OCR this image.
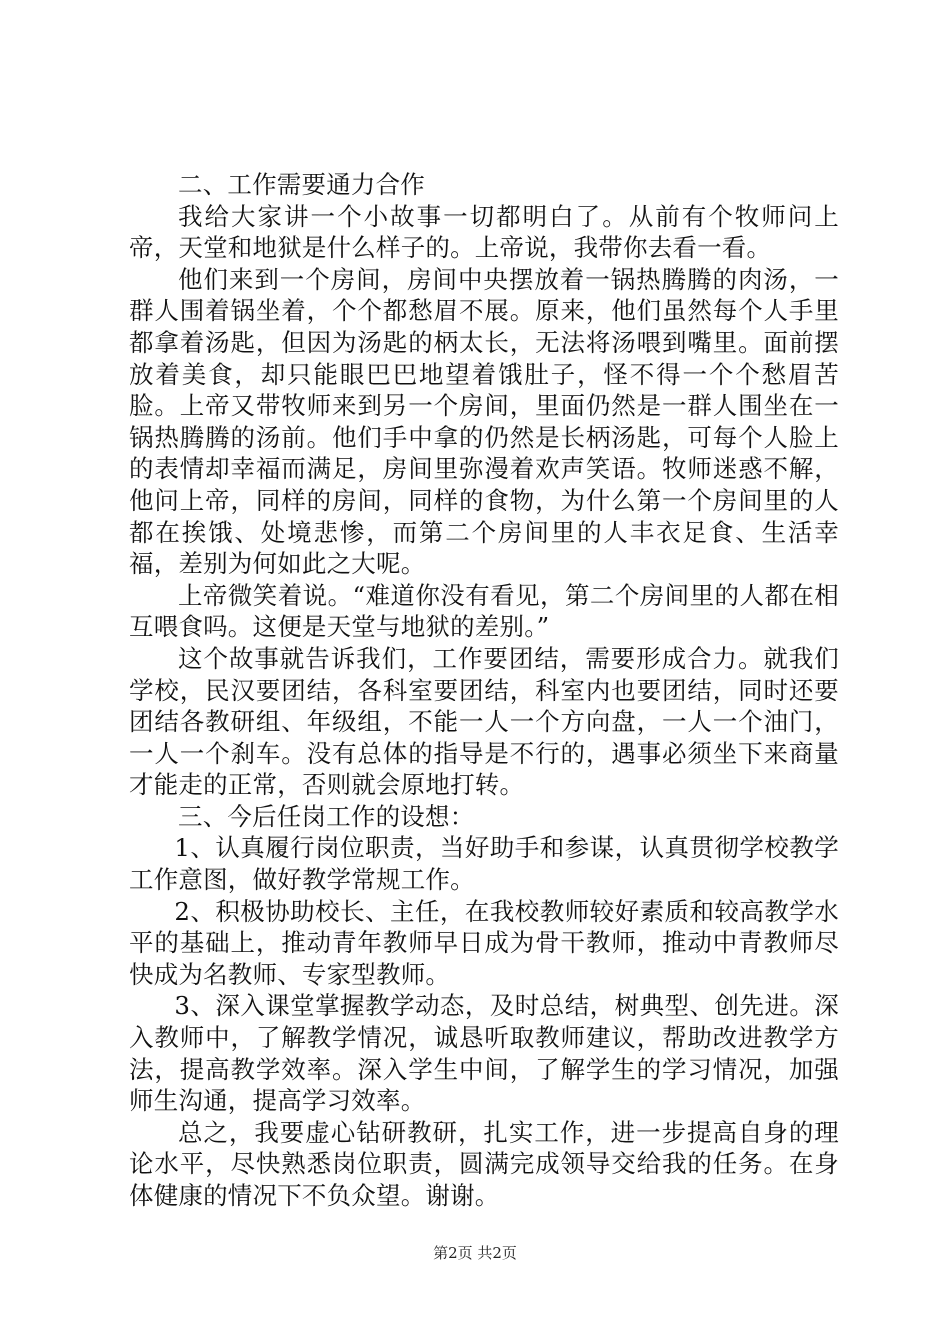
二、工作需要通力合作

我给大家讲一个小故事一切都明白了。从前有个牧师问上帝，天堂和地狱是什么样子的。上帝说，我带你去看一看。

他们来到一个房间，房间中央摆放着一锅热腾腾的肉汤，一群人围着锅坐着，个个都愁眉不展。原来，他们虽然每个人手里都拿着汤匙，但因为汤匙的柄太长，无法将汤喂到嘴里。面前摆放着美食，却只能眼巴巴地望着饿肚子，怪不得一个个愁眉苦脸。上帝又带牧师来到另一个房间，里面仍然是一群人围坐在一锅热腾腾的汤前。他们手中拿的仍然是长柄汤匙，可每个人脸上的表情却幸福而满足，房间里弥漫着欢声笑语。牧师迷惑不解，他问上帝，同样的房间，同样的食物，为什么第一个房间里的人都在挨饿、处境悲惨，而第二个房间里的人丰衣足食、生活幸福，差别为何如此之大呢。

上帝微笑着说。“难道你没有看见，第二个房间里的人都在相互喂食吗。这便是天堂与地狱的差别。”

这个故事就告诉我们，工作要团结，需要形成合力。就我们学校，民汉要团结，各科室要团结，科室内也要团结，同时还要团结各教研组、年级组，不能一人一个方向盘，一人一个油门，一人一个刹车。没有总体的指导是不行的，遇事必须坐下来商量才能走的正常，否则就会原地打转。

三、今后任岗工作的设想：

1、认真履行岗位职责，当好助手和参谋，认真贯彻学校教学工作意图，做好教学常规工作。

2、积极协助校长、主任，在我校教师较好素质和较高教学水平的基础上，推动青年教师早日成为骨干教师，推动中青教师尽快成为名教师、专家型教师。

3、深入课堂掌握教学动态，及时总结，树典型、创先进。深入教师中，了解教学情况，诚恳听取教师建议，帮助改进教学方法，提高教学效率。深入学生中间，了解学生的学习情况，加强师生沟通，提高学习效率。

总之，我要虚心钻研教研，扎实工作，进一步提高自身的理论水平，尽快熟悉岗位职责，圆满完成领导交给我的任务。在身体健康的情况下不负众望。谢谢。

第2页 共2页
